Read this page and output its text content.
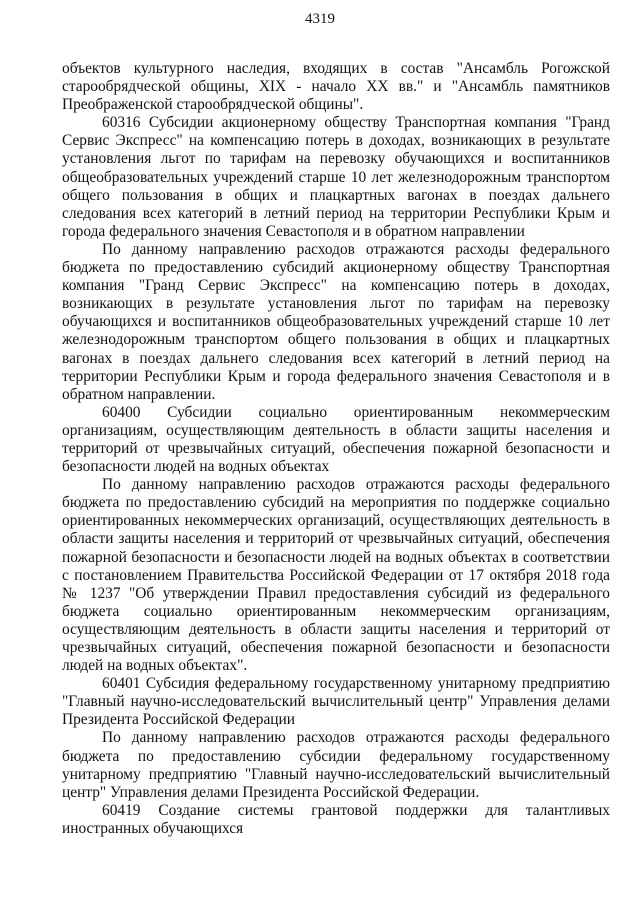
4319

объектов культурного наследия, входящих в состав "Ансамбль Рогожской старообрядческой общины, XIX - начало XX вв." и "Ансамбль памятников Преображенской старообрядческой общины".

60316 Субсидии акционерному обществу Транспортная компания "Гранд Сервис Экспресс" на компенсацию потерь в доходах, возникающих в результате установления льгот по тарифам на перевозку обучающихся и воспитанников общеобразовательных учреждений старше 10 лет железнодорожным транспортом общего пользования в общих и плацкартных вагонах в поездах дальнего следования всех категорий в летний период на территории Республики Крым и города федерального значения Севастополя и в обратном направлении

По данному направлению расходов отражаются расходы федерального бюджета по предоставлению субсидий акционерному обществу Транспортная компания "Гранд Сервис Экспресс" на компенсацию потерь в доходах, возникающих в результате установления льгот по тарифам на перевозку обучающихся и воспитанников общеобразовательных учреждений старше 10 лет железнодорожным транспортом общего пользования в общих и плацкартных вагонах в поездах дальнего следования всех категорий в летний период на территории Республики Крым и города федерального значения Севастополя и в обратном направлении.

60400 Субсидии социально ориентированным некоммерческим организациям, осуществляющим деятельность в области защиты населения и территорий от чрезвычайных ситуаций, обеспечения пожарной безопасности и безопасности людей на водных объектах

По данному направлению расходов отражаются расходы федерального бюджета по предоставлению субсидий на мероприятия по поддержке социально ориентированных некоммерческих организаций, осуществляющих деятельность в области защиты населения и территорий от чрезвычайных ситуаций, обеспечения пожарной безопасности и безопасности людей на водных объектах в соответствии с постановлением Правительства Российской Федерации от 17 октября 2018 года № 1237 "Об утверждении Правил предоставления субсидий из федерального бюджета социально ориентированным некоммерческим организациям, осуществляющим деятельность в области защиты населения и территорий от чрезвычайных ситуаций, обеспечения пожарной безопасности и безопасности людей на водных объектах".

60401 Субсидия федеральному государственному унитарному предприятию "Главный научно-исследовательский вычислительный центр" Управления делами Президента Российской Федерации

По данному направлению расходов отражаются расходы федерального бюджета по предоставлению субсидии федеральному государственному унитарному предприятию "Главный научно-исследовательский вычислительный центр" Управления делами Президента Российской Федерации.

60419 Создание системы грантовой поддержки для талантливых иностранных обучающихся
